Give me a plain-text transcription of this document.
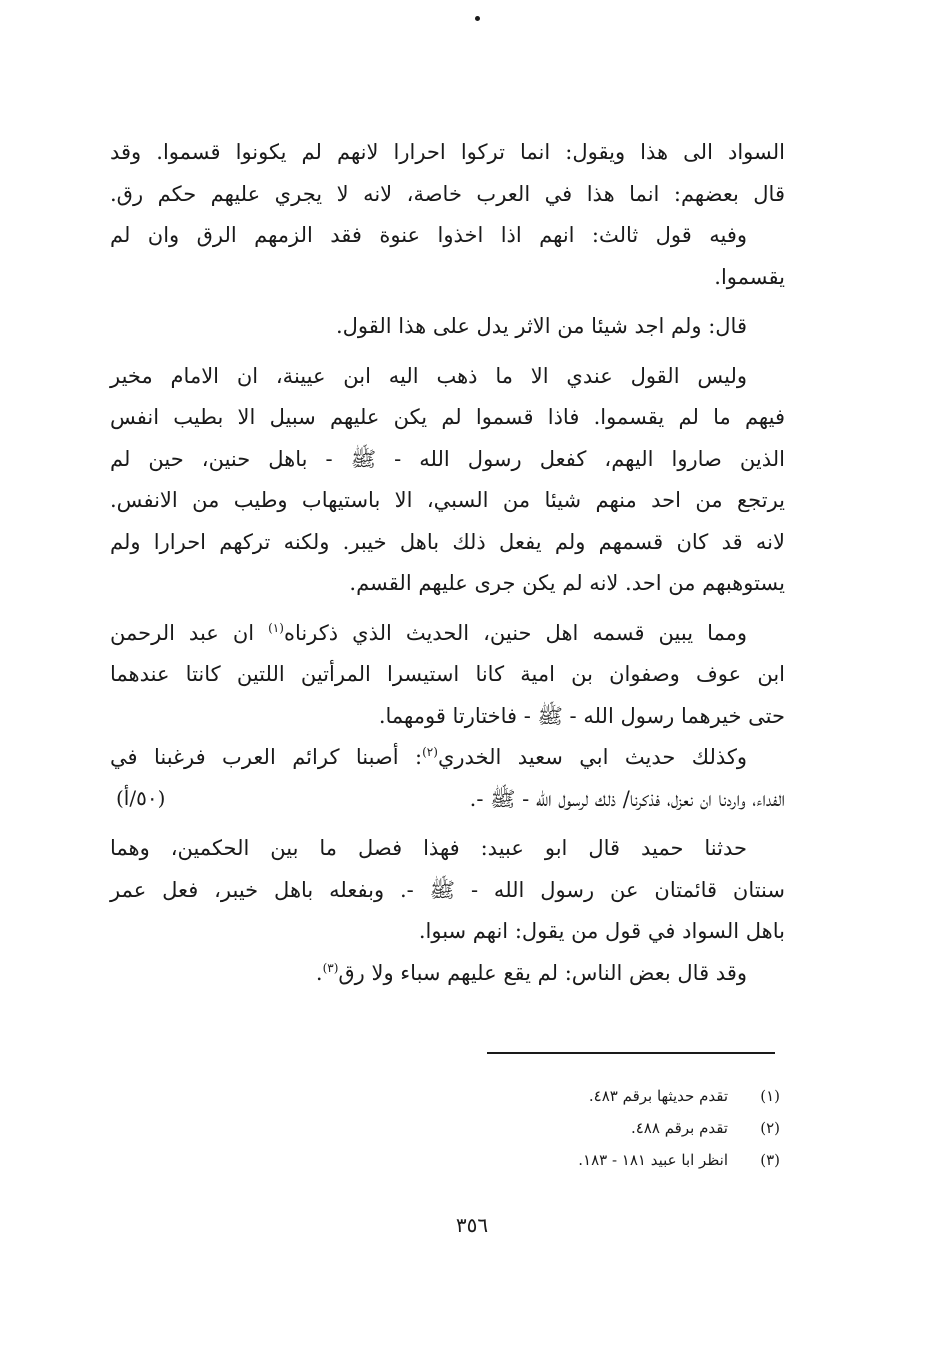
السواد الى هذا ويقول: انما تركوا احرارا لانهم لم يكونوا قسموا. وقد
قال بعضهم: انما هذا في العرب خاصة، لانه لا يجري عليهم حكم رق.
وفيه قول ثالث: انهم اذا اخذوا عنوة فقد الزمهم الرق وان لم
يقسموا.
قال: ولم اجد شيئا من الاثر يدل على هذا القول.
وليس القول عندي الا ما ذهب اليه ابن عيينة، ان الامام مخير
فيهم ما لم يقسموا. فاذا قسموا لم يكن عليهم سبيل الا بطيب انفس
الذين صاروا اليهم، كفعل رسول الله - ﷺ - باهل حنين، حين لم
يرتجع من احد منهم شيئا من السبي، الا باستيهاب وطيب من الانفس.
لانه قد كان قسمهم ولم يفعل ذلك باهل خيبر. ولكنه تركهم احرارا ولم
يستوهبهم من احد. لانه لم يكن جرى عليهم القسم.
ومما يبين قسمه اهل حنين، الحديث الذي ذكرناه$^{(١)}$ ان عبد الرحمن
ابن عوف وصفوان بن امية كانا استيسرا المرأتين اللتين كانتا عندهما
حتى خيرهما رسول الله - ﷺ - فاختارتا قومهما.
وكذلك حديث ابي سعيد الخدري$^{(٢)}$: أصبنا كرائم العرب فرغبنا في
الفداء، واردنا ان نعزل، فذكرنا/ ذلك لرسول الله - ﷺ -.
حدثنا حميد قال ابو عبيد: فهذا فصل ما بين الحكمين، وهما
سنتان قائمتان عن رسول الله - ﷺ -. وبفعله باهل خيبر، فعل عمر
باهل السواد في قول من يقول: انهم سبوا.
وقد قال بعض الناس: لم يقع عليهم سباء ولا رق$^{(٣)}$.
(٥٠/أ)
(١)تقدم حديثها برقم ٤٨٣.
(٢)تقدم برقم ٤٨٨.
(٣)انظر ابا عبيد ١٨١ - ١٨٣.
٣٥٦
